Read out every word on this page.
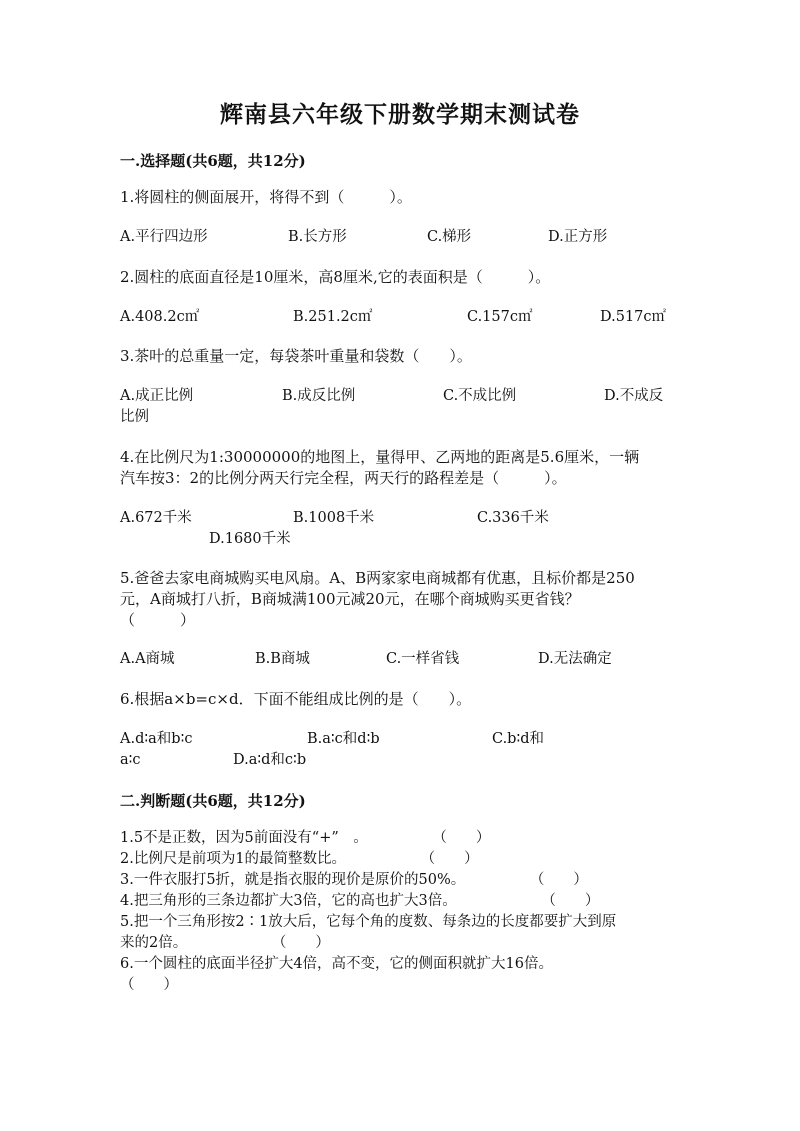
辉南县六年级下册数学期末测试卷
一.选择题(共6题，共12分)
1.将圆柱的侧面展开，将得不到（　　　）。
A.平行四边形	B.长方形	C.梯形	D.正方形
2.圆柱的底面直径是10厘米，高8厘米,它的表面积是（　　　）。
A.408.2c㎡	B.251.2c㎡	C.157c㎡	D.517c㎡
3.茶叶的总重量一定，每袋茶叶重量和袋数（　　）。
A.成正比例	B.成反比例	C.不成比例	D.不成反
比例
4.在比例尺为1:30000000的地图上，量得甲、乙两地的距离是5.6厘米，一辆
汽车按3：2的比例分两天行完全程，两天行的路程差是（　　　）。
A.672千米	B.1008千米	C.336千米
D.1680千米
5.爸爸去家电商城购买电风扇。A、B两家家电商城都有优惠，且标价都是250
元，A商城打八折，B商城满100元减20元，在哪个商城购买更省钱？
（　　　）
A.A商城	B.B商城	C.一样省钱	D.无法确定
6.根据a×b=c×d．下面不能组成比例的是（　　）。
A.d∶a和b∶c	B.a∶c和d∶b	C.b∶d和
a∶c	D.a∶d和c∶b
二.判断题(共6题，共12分)
1.5不是正数，因为5前面没有“+”　。	（　　）
2.比例尺是前项为1的最简整数比。	（　　）
3.一件衣服打5折，就是指衣服的现价是原价的50%。	（　　）
4.把三角形的三条边都扩大3倍，它的高也扩大3倍。	（　　）
5.把一个三角形按2∶1放大后，它每个角的度数、每条边的长度都要扩大到原
来的2倍。	（　　）
6.一个圆柱的底面半径扩大4倍，高不变，它的侧面积就扩大16倍。
（　　）
